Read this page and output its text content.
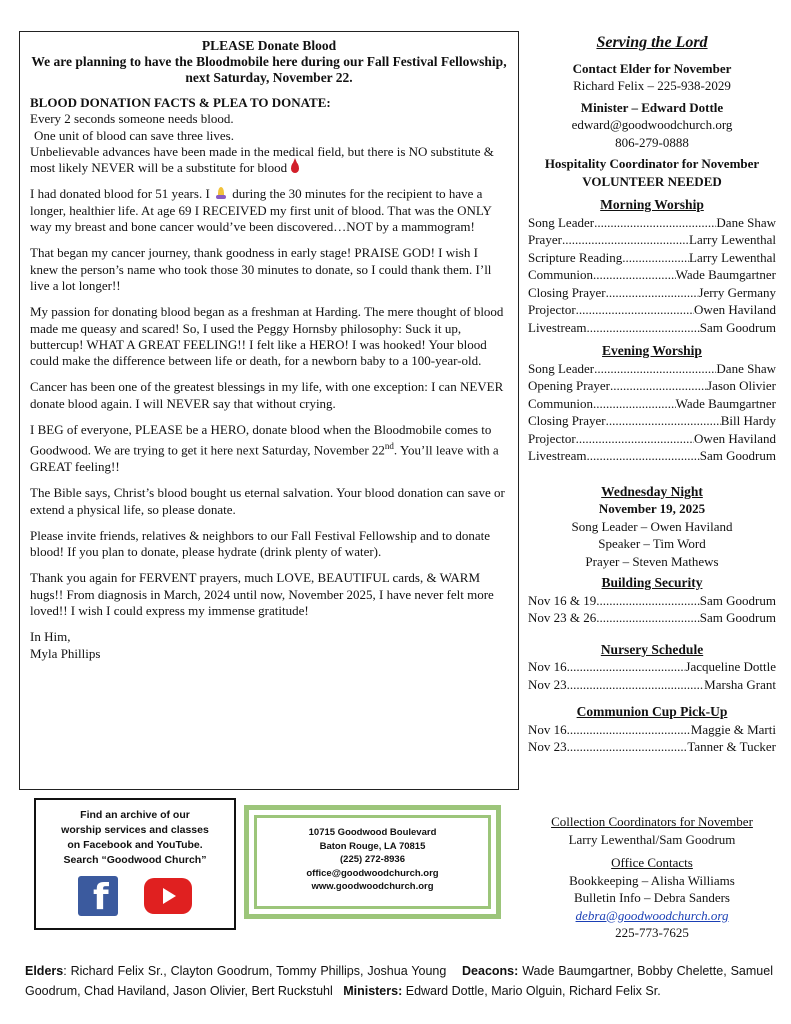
PLEASE Donate Blood
We are planning to have the Bloodmobile here during our Fall Festival Fellowship, next Saturday, November 22.

BLOOD DONATION FACTS & PLEA TO DONATE:
Every 2 seconds someone needs blood.
One unit of blood can save three lives.
Unbelievable advances have been made in the medical field, but there is NO substitute & most likely NEVER will be a substitute for blood

I had donated blood for 51 years. I during the 30 minutes for the recipient to have a longer, healthier life. At age 69 I RECEIVED my first unit of blood. That was the ONLY way my breast and bone cancer would’ve been discovered…NOT by a mammogram!

That began my cancer journey, thank goodness in early stage! PRAISE GOD! I wish I knew the person’s name who took those 30 minutes to donate, so I could thank them. I’ll live a lot longer!!

My passion for donating blood began as a freshman at Harding. The mere thought of blood made me queasy and scared! So, I used the Peggy Hornsby philosophy: Suck it up, buttercup! WHAT A GREAT FEELING!! I felt like a HERO! I was hooked! Your blood could make the difference between life or death, for a newborn baby to a 100-year-old.

Cancer has been one of the greatest blessings in my life, with one exception: I can NEVER donate blood again. I will NEVER say that without crying.

I BEG of everyone, PLEASE be a HERO, donate blood when the Bloodmobile comes to Goodwood. We are trying to get it here next Saturday, November 22nd. You’ll leave with a GREAT feeling!!

The Bible says, Christ’s blood bought us eternal salvation. Your blood donation can save or extend a physical life, so please donate.

Please invite friends, relatives & neighbors to our Fall Festival Fellowship and to donate blood! If you plan to donate, please hydrate (drink plenty of water).

Thank you again for FERVENT prayers, much LOVE, BEAUTIFUL cards, & WARM hugs!! From diagnosis in March, 2024 until now, November 2025, I have never felt more loved!! I wish I could express my immense gratitude!

In Him,
Myla Phillips

Serving the Lord
Contact Elder for November
Richard Felix – 225-938-2029
Minister – Edward Dottle
edward@goodwoodchurch.org
806-279-0888
Hospitality Coordinator for November
VOLUNTEER NEEDED
Morning Worship
Song Leader .....	Dane Shaw
Prayer .....	Larry Lewenthal
Scripture Reading .....	Larry Lewenthal
Communion .....	Wade Baumgartner
Closing Prayer .....	Jerry Germany
Projector .....	Owen Haviland
Livestream .....	Sam Goodrum
Evening Worship
Song Leader .....	Dane Shaw
Opening Prayer .....	Jason Olivier
Communion .....	Wade Baumgartner
Closing Prayer .....	Bill Hardy
Projector .....	Owen Haviland
Livestream .....	Sam Goodrum
Wednesday Night
November 19, 2025
Song Leader – Owen Haviland
Speaker – Tim Word
Prayer – Steven Mathews
Building Security
Nov 16 & 19 .....	Sam Goodrum
Nov 23 & 26 .....	Sam Goodrum
Nursery Schedule
Nov 16 .....	Jacqueline Dottle
Nov 23 .....	Marsha Grant
Communion Cup Pick-Up
Nov 16 .....	Maggie & Marti
Nov 23 .....	Tanner & Tucker
Find an archive of our
worship services and classes
on Facebook and YouTube.
Search “Goodwood Church”
f
10715 Goodwood Boulevard
Baton Rouge, LA 70815
(225) 272-8936
office@goodwoodchurch.org
www.goodwoodchurch.org
Collection Coordinators for November
Larry Lewenthal/Sam Goodrum
Office Contacts
Bookkeeping – Alisha Williams
Bulletin Info – Debra Sanders
debra@goodwoodchurch.org
225-773-7625
Elders: Richard Felix Sr., Clayton Goodrum, Tommy Phillips, Joshua Young Deacons: Wade Baumgartner, Bobby Chelette, Samuel Goodrum, Chad Haviland, Jason Olivier, Bert Ruckstuhl Ministers: Edward Dottle, Mario Olguin, Richard Felix Sr.
